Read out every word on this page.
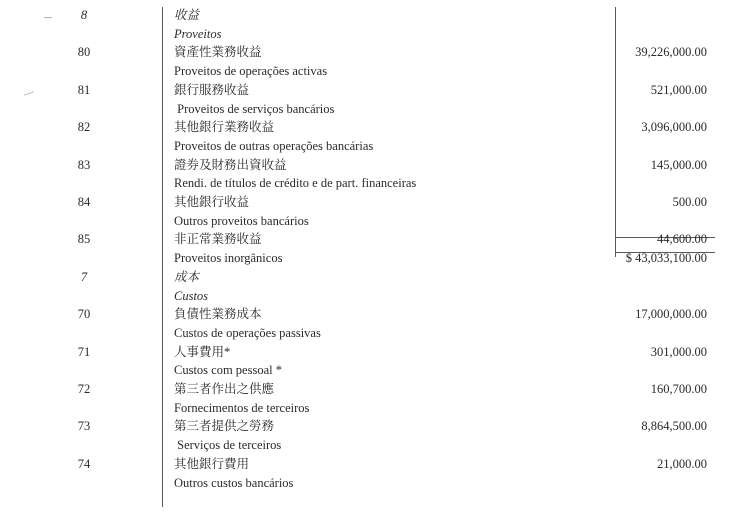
8	收益
Proveitos
80	資產性業務收益	39,226,000.00
Proveitos de operações activas
81	銀行服務收益	521,000.00
Proveitos de serviços bancários
82	其他銀行業務收益	3,096,000.00
Proveitos de outras operações bancárias
83	證券及財務出資收益	145,000.00
Rendi. de títulos de crédito e de part. financeiras
84	其他銀行收益	500.00
Outros proveitos bancários
85	非正常業務收益	44,600.00
Proveitos inorgânicos	$ 43,033,100.00
7	成本
Custos
70	負債性業務成本	17,000,000.00
Custos de operações passivas
71	人事費用*	301,000.00
Custos com pessoal *
72	第三者作出之供應	160,700.00
Fornecimentos de terceiros
73	第三者提供之勞務	8,864,500.00
Serviços de terceiros
74	其他銀行費用	21,000.00
Outros custos bancários
